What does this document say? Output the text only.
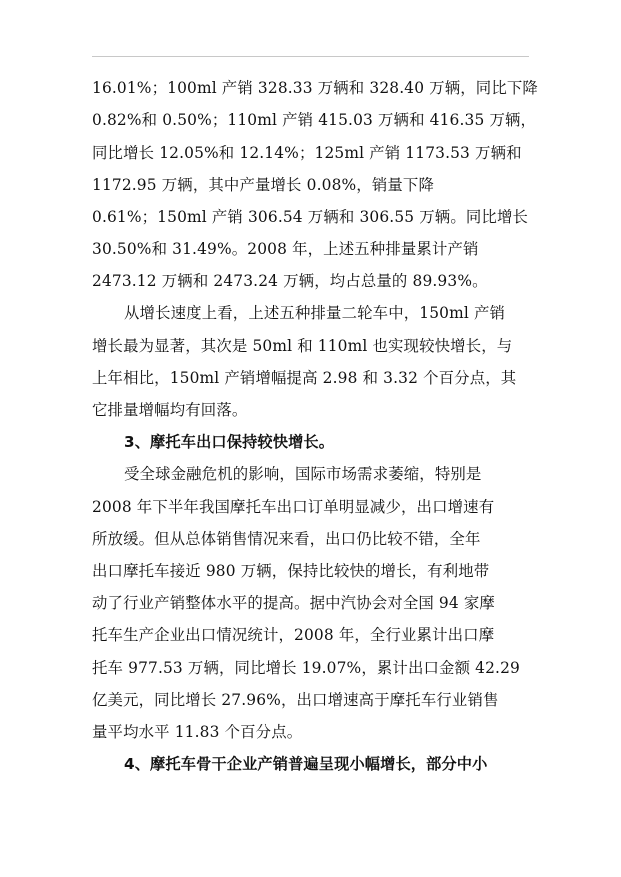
16.01%；100ml 产销 328.33 万辆和 328.40 万辆，同比下降
0.82%和 0.50%；110ml 产销 415.03 万辆和 416.35 万辆，
同比增长 12.05%和 12.14%；125ml 产销 1173.53 万辆和
1172.95 万辆，其中产量增长 0.08%，销量下降
0.61%；150ml 产销 306.54 万辆和 306.55 万辆。同比增长
30.50%和 31.49%。2008 年，上述五种排量累计产销
2473.12 万辆和 2473.24 万辆，均占总量的 89.93%。
从增长速度上看，上述五种排量二轮车中，150ml 产销
增长最为显著，其次是 50ml 和 110ml 也实现较快增长，与
上年相比，150ml 产销增幅提高 2.98 和 3.32 个百分点，其
它排量增幅均有回落。
3、摩托车出口保持较快增长。
受全球金融危机的影响，国际市场需求萎缩，特别是
2008 年下半年我国摩托车出口订单明显减少，出口增速有
所放缓。但从总体销售情况来看，出口仍比较不错，全年
出口摩托车接近 980 万辆，保持比较快的增长，有利地带
动了行业产销整体水平的提高。据中汽协会对全国 94 家摩
托车生产企业出口情况统计，2008 年，全行业累计出口摩
托车 977.53 万辆，同比增长 19.07%，累计出口金额 42.29
亿美元，同比增长 27.96%，出口增速高于摩托车行业销售
量平均水平 11.83 个百分点。
4、摩托车骨干企业产销普遍呈现小幅增长，部分中小
